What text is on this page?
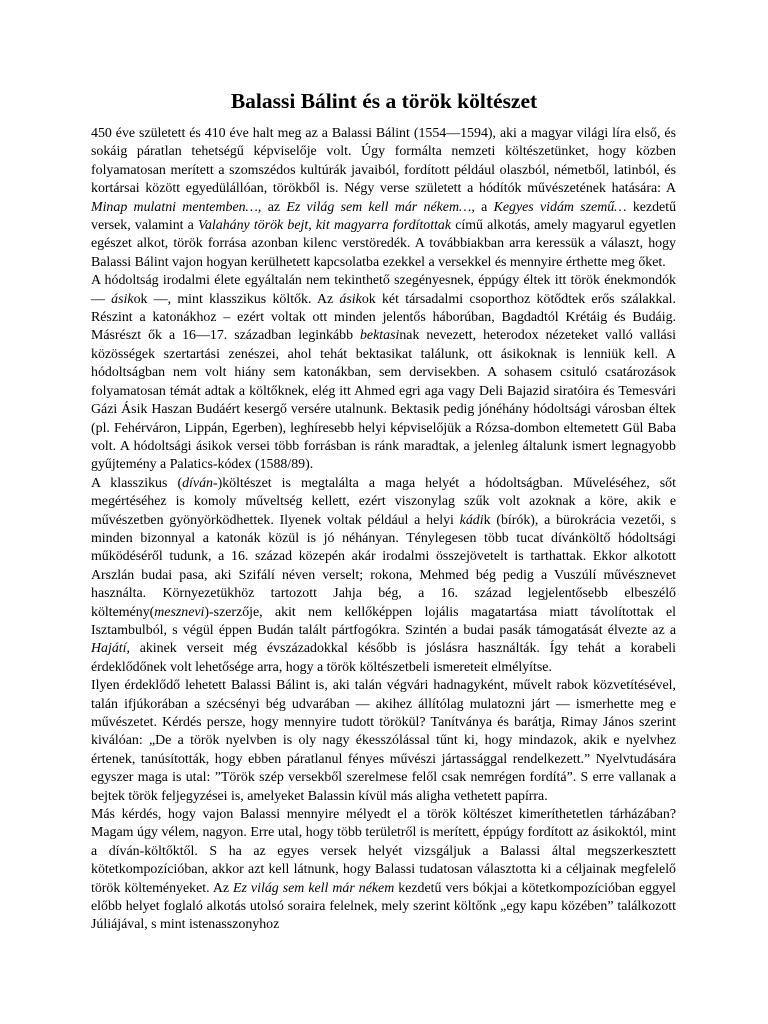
Balassi Bálint és a török költészet

450 éve született és 410 éve halt meg az a Balassi Bálint (1554—1594), aki a magyar világi líra első, és sokáig páratlan tehetségű képviselője volt. Úgy formálta nemzeti költészetünket, hogy közben folyamatosan merített a szomszédos kultúrák javaiból, fordított például olaszból, németből, latinból, és kortársai között egyedülállóan, törökből is. Négy verse született a hódítók művészetének hatására: A Minap mulatni mentemben…, az Ez világ sem kell már nékem…, a Kegyes vidám szemű… kezdetű versek, valamint a Valahány török bejt, kit magyarra fordítottak című alkotás, amely magyarul egyetlen egészet alkot, török forrása azonban kilenc verstöredék. A továbbiakban arra keressük a választ, hogy Balassi Bálint vajon hogyan kerülhetett kapcsolatba ezekkel a versekkel és mennyire érthette meg őket.

A hódoltság irodalmi élete egyáltalán nem tekinthető szegényesnek, éppúgy éltek itt török énekmondók — ásikok —, mint klasszikus költők. Az ásikok két társadalmi csoporthoz kötődtek erős szálakkal. Részint a katonákhoz – ezért voltak ott minden jelentős háborúban, Bagdadtól Krétáig és Budáig. Másrészt ők a 16—17. században leginkább bektasinak nevezett, heterodox nézeteket valló vallási közösségek szertartási zenészei, ahol tehát bektasikat találunk, ott ásikoknak is lenniük kell. A hódoltságban nem volt hiány sem katonákban, sem dervisekben. A sohasem csituló csatározások folyamatosan témát adtak a költőknek, elég itt Ahmed egri aga vagy Deli Bajazid siratóira és Temesvári Gázi Ásik Haszan Budáért kesergő versére utalnunk. Bektasik pedig jónéhány hódoltsági városban éltek (pl. Fehérváron, Lippán, Egerben), leghíresebb helyi képviselőjük a Rózsa-dombon eltemetett Gül Baba volt. A hódoltsági ásikok versei több forrásban is ránk maradtak, a jelenleg általunk ismert legnagyobb gyűjtemény a Palatics-kódex (1588/89).

A klasszikus (díván-)költészet is megtalálta a maga helyét a hódoltságban. Műveléséhez, sőt megértéséhez is komoly műveltség kellett, ezért viszonylag szűk volt azoknak a köre, akik e művészetben gyönyörködhettek. Ilyenek voltak például a helyi kádik (bírók), a bürokrácia vezetői, s minden bizonnyal a katonák közül is jó néhányan. Ténylegesen több tucat dívánköltő hódoltsági működéséről tudunk, a 16. század közepén akár irodalmi összejövetelt is tarthattak. Ekkor alkotott Arszlán budai pasa, aki Szifálí néven verselt; rokona, Mehmed bég pedig a Vuszúlí művésznevet használta. Környezetükhöz tartozott Jahja bég, a 16. század legjelentősebb elbeszélő költemény(mesznevi)-szerzője, akit nem kellőképpen lojális magatartása miatt távolítottak el Isztambulból, s végül éppen Budán talált pártfogókra. Szintén a budai pasák támogatását élvezte az a Hajátí, akinek verseit még évszázadokkal később is jóslásra használták. Így tehát a korabeli érdeklődőnek volt lehetősége arra, hogy a török költészetbeli ismereteit elmélyítse.

Ilyen érdeklődő lehetett Balassi Bálint is, aki talán végvári hadnagyként, művelt rabok közvetítésével, talán ifjúkorában a szécsényi bég udvarában — akihez állítólag mulatozni járt — ismerhette meg e művészetet. Kérdés persze, hogy mennyire tudott törökül? Tanítványa és barátja, Rimay János szerint kiválóan: „De a török nyelvben is oly nagy ékesszólással tűnt ki, hogy mindazok, akik e nyelvhez értenek, tanúsították, hogy ebben páratlanul fényes művészi jártassággal rendelkezett.” Nyelvtudására egyszer maga is utal: ”Török szép versekből szerelmese felől csak nemrégen fordítá”. S erre vallanak a bejtek török feljegyzései is, amelyeket Balassin kívül más aligha vethetett papírra.

Más kérdés, hogy vajon Balassi mennyire mélyedt el a török költészet kimeríthetetlen tárházában? Magam úgy vélem, nagyon. Erre utal, hogy több területről is merített, éppúgy fordított az ásikoktól, mint a díván-költőktől. S ha az egyes versek helyét vizsgáljuk a Balassi által megszerkesztett kötetkompozícióban, akkor azt kell látnunk, hogy Balassi tudatosan választotta ki a céljainak megfelelő török költeményeket. Az Ez világ sem kell már nékem kezdetű vers bókjai a kötetkompozícióban eggyel előbb helyet foglaló alkotás utolsó soraira felelnek, mely szerint költőnk „egy kapu közében” találkozott Júliájával, s mint istenasszonyhoz
